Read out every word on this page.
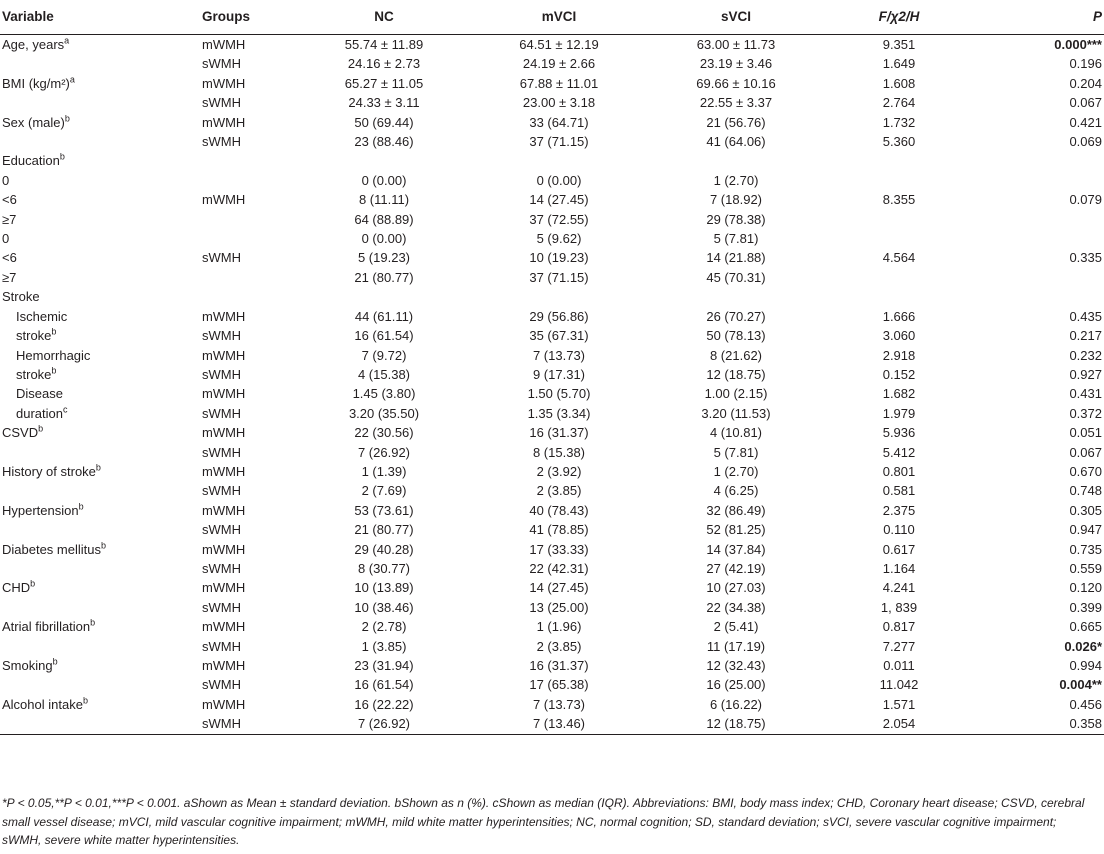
Variable	Groups	NC	mVCI	sVCI	F/χ2/H	P
Age, years$^a$	mWMH	55.74 ± 11.89	64.51 ± 12.19	63.00 ± 11.73	9.351	0.000***
	sWMH	24.16 ± 2.73	24.19 ± 2.66	23.19 ± 3.46	1.649	0.196
BMI $(kg/m^2)^a$	mWMH	65.27 ± 11.05	67.88 ± 11.01	69.66 ± 10.16	1.608	0.204
	sWMH	24.33 ± 3.11	23.00 ± 3.18	22.55 ± 3.37	2.764	0.067
Sex (male)$^b$	mWMH	50 (69.44)	33 (64.71)	21 (56.76)	1.732	0.421
	sWMH	23 (88.46)	37 (71.15)	41 (64.06)	5.360	0.069
Education$^b$						
0		0 (0.00)	0 (0.00)	1 (2.70)		
<6	mWMH	8 (11.11)	14 (27.45)	7 (18.92)	8.355	0.079
≥7		64 (88.89)	37 (72.55)	29 (78.38)		
0		0 (0.00)	5 (9.62)	5 (7.81)		
<6	sWMH	5 (19.23)	10 (19.23)	14 (21.88)	4.564	0.335
≥7		21 (80.77)	37 (71.15)	45 (70.31)		
Stroke						
Ischemic	mWMH	44 (61.11)	29 (56.86)	26 (70.27)	1.666	0.435
stroke$^b$	sWMH	16 (61.54)	35 (67.31)	50 (78.13)	3.060	0.217
Hemorrhagic	mWMH	7 (9.72)	7 (13.73)	8 (21.62)	2.918	0.232
stroke$^b$	sWMH	4 (15.38)	9 (17.31)	12 (18.75)	0.152	0.927
Disease	mWMH	1.45 (3.80)	1.50 (5.70)	1.00 (2.15)	1.682	0.431
duration$^c$	sWMH	3.20 (35.50)	1.35 (3.34)	3.20 (11.53)	1.979	0.372
CSVD$^b$	mWMH	22 (30.56)	16 (31.37)	4 (10.81)	5.936	0.051
	sWMH	7 (26.92)	8 (15.38)	5 (7.81)	5.412	0.067
History of stroke$^b$	mWMH	1 (1.39)	2 (3.92)	1 (2.70)	0.801	0.670
	sWMH	2 (7.69)	2 (3.85)	4 (6.25)	0.581	0.748
Hypertension$^b$	mWMH	53 (73.61)	40 (78.43)	32 (86.49)	2.375	0.305
	sWMH	21 (80.77)	41 (78.85)	52 (81.25)	0.110	0.947
Diabetes mellitus$^b$	mWMH	29 (40.28)	17 (33.33)	14 (37.84)	0.617	0.735
	sWMH	8 (30.77)	22 (42.31)	27 (42.19)	1.164	0.559
CHD$^b$	mWMH	10 (13.89)	14 (27.45)	10 (27.03)	4.241	0.120
	sWMH	10 (38.46)	13 (25.00)	22 (34.38)	1, 839	0.399
Atrial fibrillation$^b$	mWMH	2 (2.78)	1 (1.96)	2 (5.41)	0.817	0.665
	sWMH	1 (3.85)	2 (3.85)	11 (17.19)	7.277	0.026*
Smoking$^b$	mWMH	23 (31.94)	16 (31.37)	12 (32.43)	0.011	0.994
	sWMH	16 (61.54)	17 (65.38)	16 (25.00)	11.042	0.004**
Alcohol intake$^b$	mWMH	16 (22.22)	7 (13.73)	6 (16.22)	1.571	0.456
	sWMH	7 (26.92)	7 (13.46)	12 (18.75)	2.054	0.358
*P < 0.05,**P < 0.01,***P < 0.001. aShown as Mean ± standard deviation. bShown as n (%). cShown as median (IQR). Abbreviations: BMI, body mass index; CHD, Coronary heart disease; CSVD, cerebral small vessel disease; mVCI, mild vascular cognitive impairment; mWMH, mild white matter hyperintensities; NC, normal cognition; SD, standard deviation; sVCI, severe vascular cognitive impairment; sWMH, severe white matter hyperintensities.
